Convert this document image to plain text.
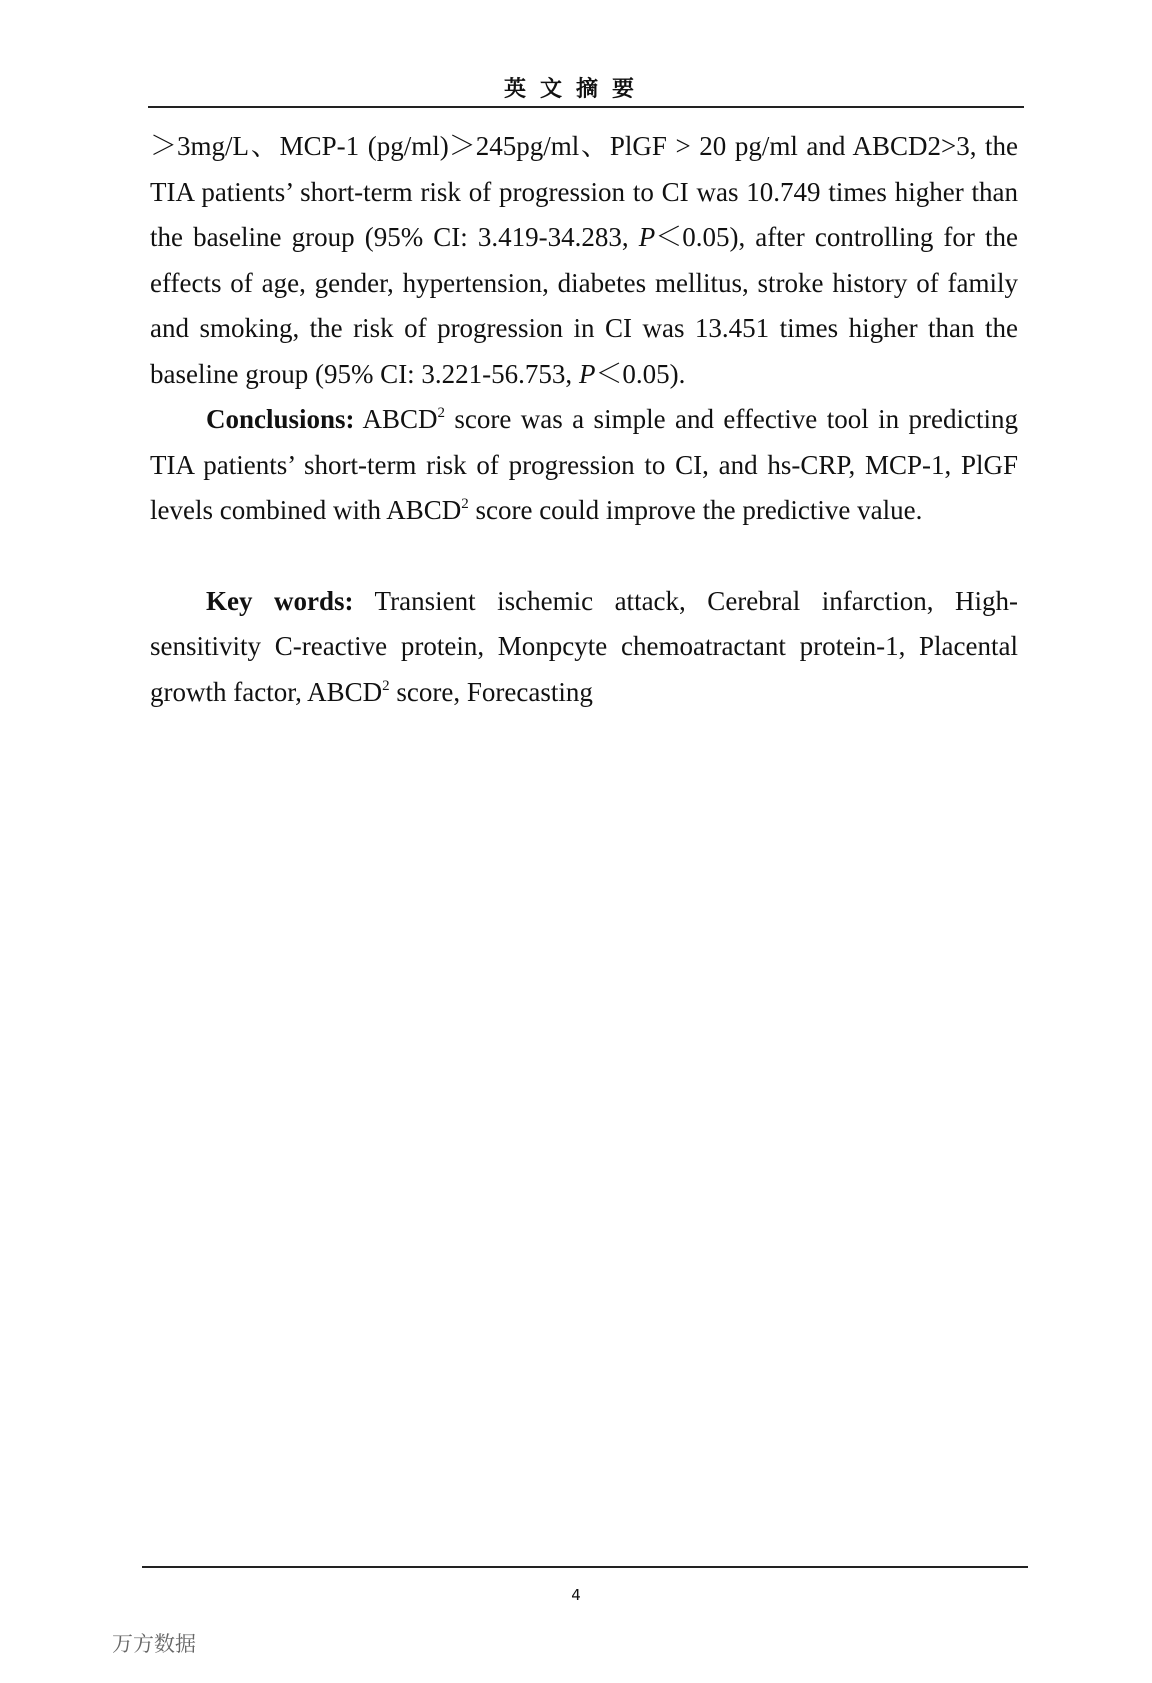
英文摘要

＞3mg/L、MCP-1 (pg/ml)＞245pg/ml、PlGF > 20 pg/ml and ABCD2>3, the TIA patients’ short-term risk of progression to CI was 10.749 times higher than the baseline group (95% CI: 3.419-34.283, P＜0.05), after controlling for the effects of age, gender, hypertension, diabetes mellitus, stroke history of family and smoking, the risk of progression in CI was 13.451 times higher than the baseline group (95% CI: 3.221-56.753, P＜0.05).

Conclusions: ABCD$^2$ score was a simple and effective tool in predicting TIA patients’ short-term risk of progression to CI, and hs-CRP, MCP-1, PlGF levels combined with ABCD$^2$ score could improve the predictive value.

Key words: Transient ischemic attack, Cerebral infarction, High-sensitivity C-reactive protein, Monpcyte chemoatractant protein-1, Placental growth factor, ABCD$^2$ score, Forecasting

4
万方数据
